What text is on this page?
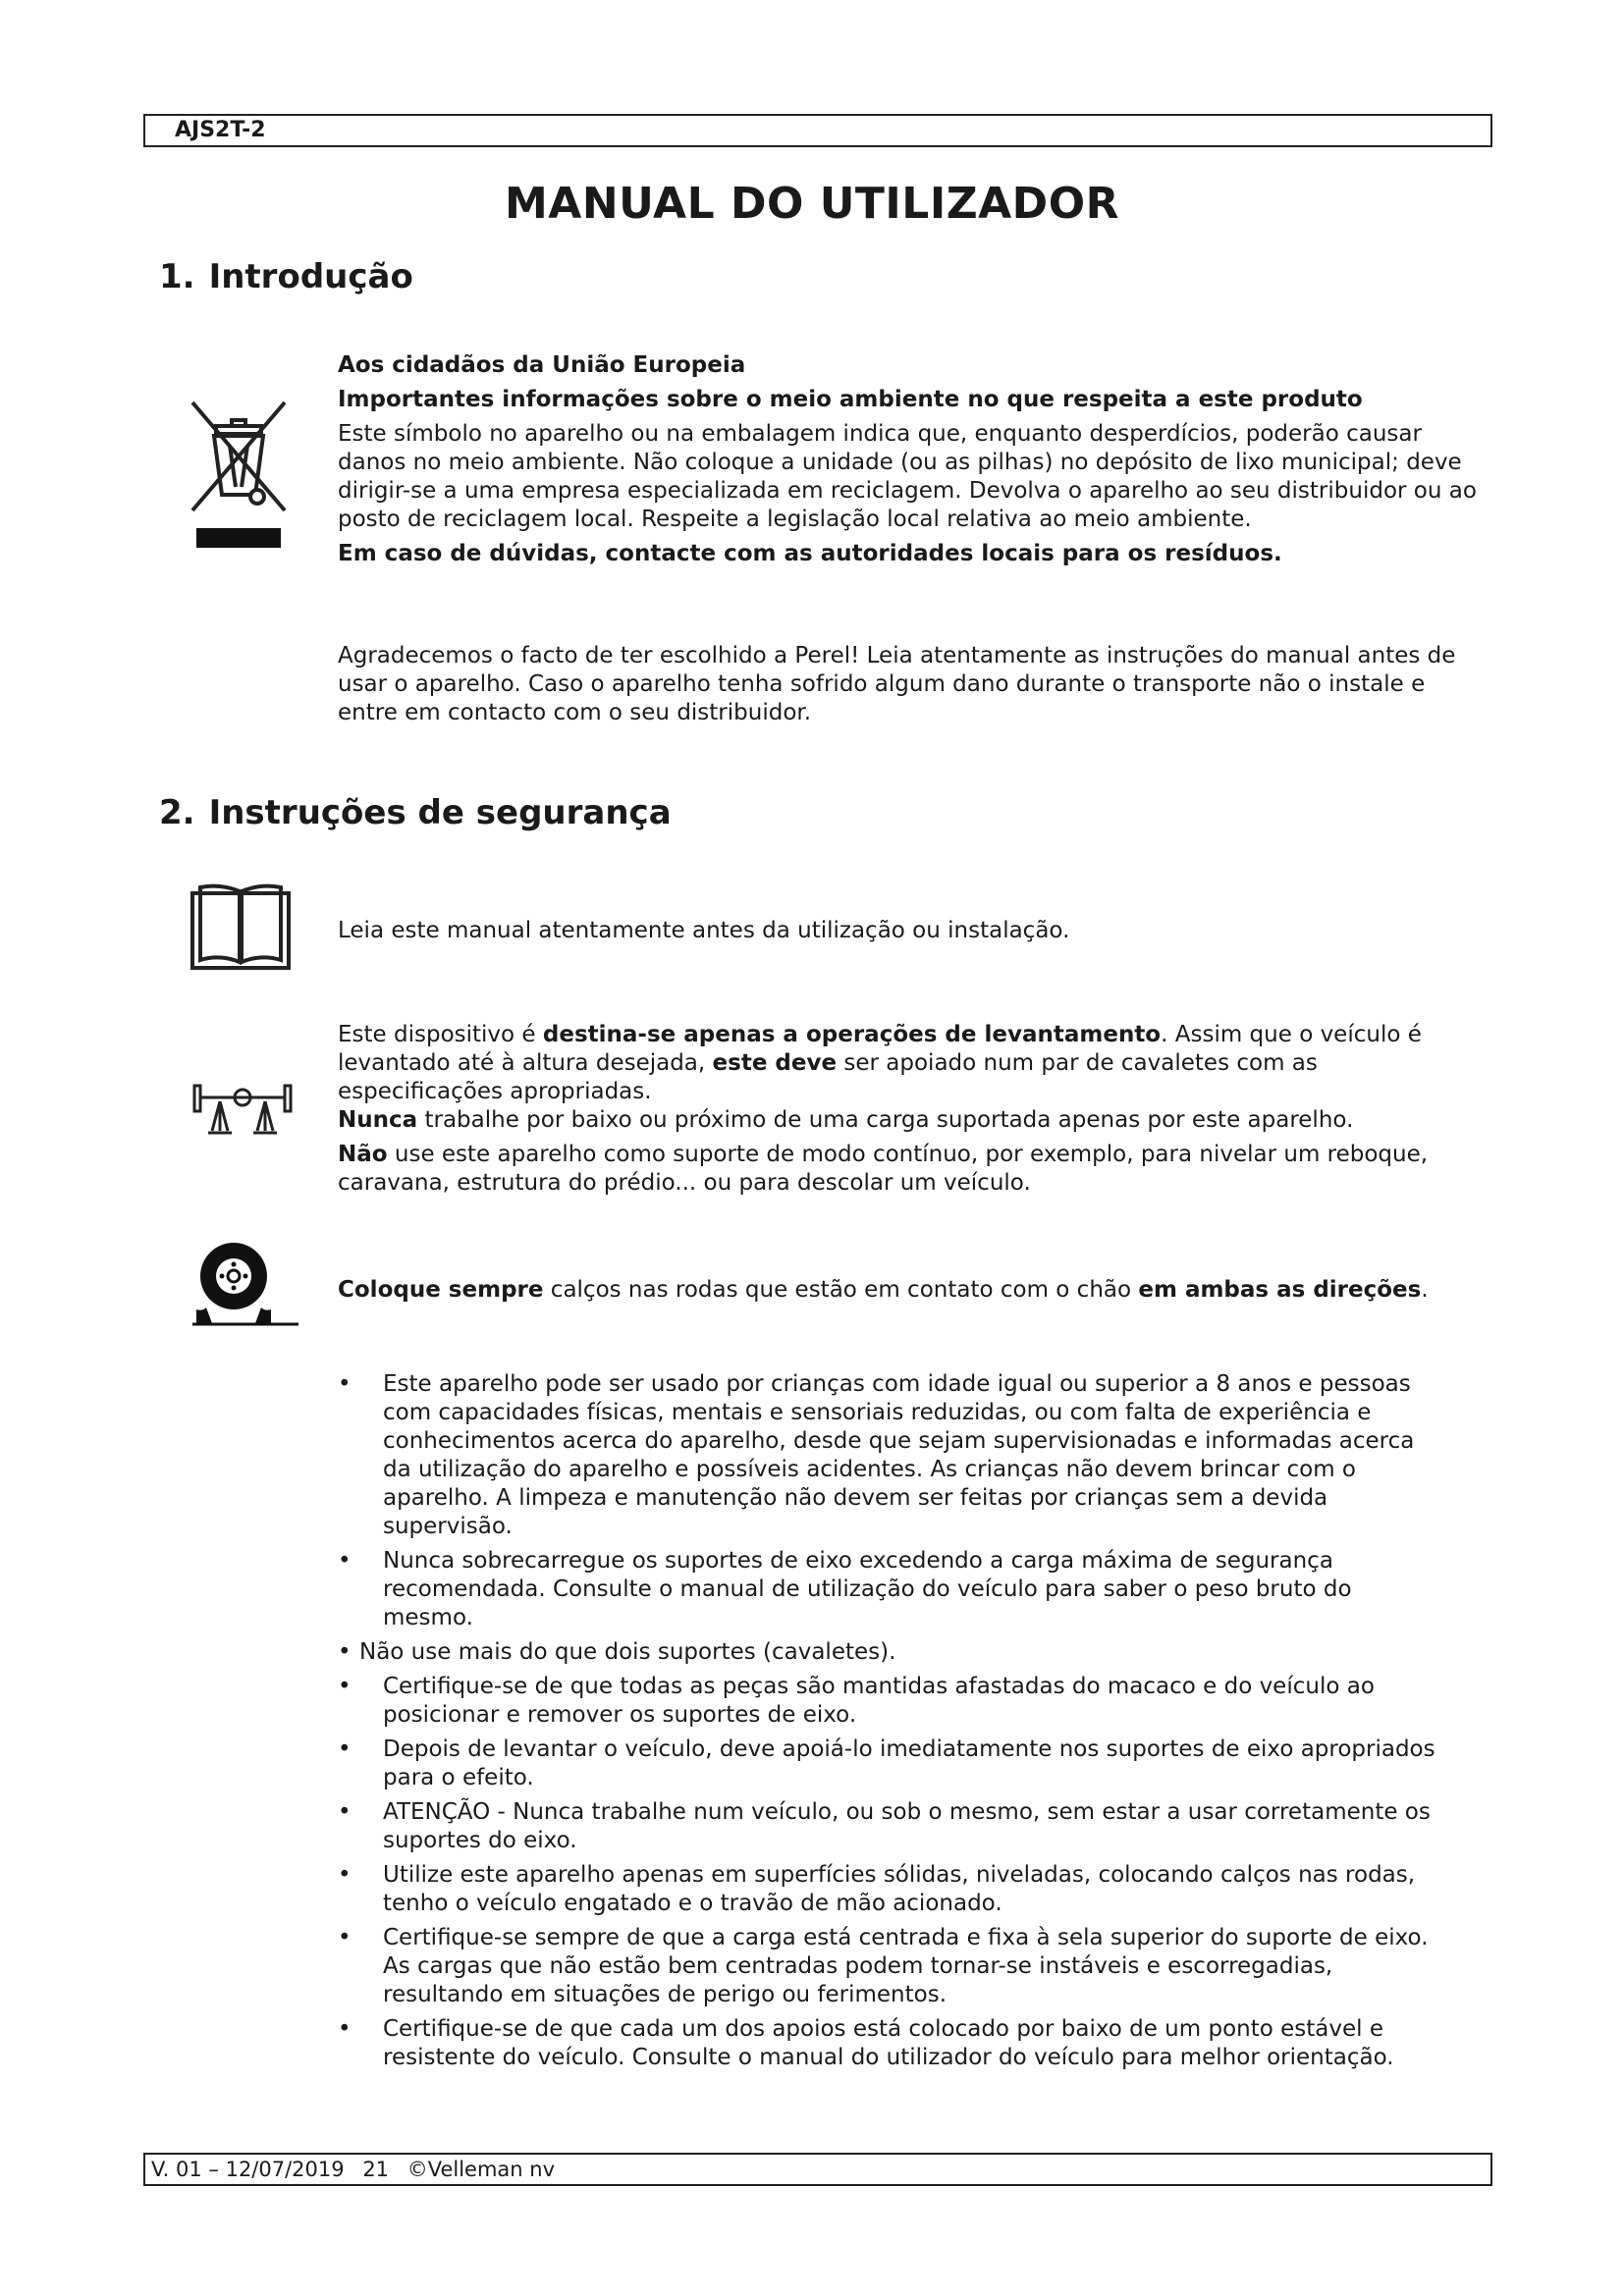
AJS2T-2
MANUAL DO UTILIZADOR
1. Introdução

Aos cidadãos da União Europeia

Importantes informações sobre o meio ambiente no que respeita a este produto

Este símbolo no aparelho ou na embalagem indica que, enquanto desperdícios, poderão causar danos no meio ambiente. Não coloque a unidade (ou as pilhas) no depósito de lixo municipal; deve dirigir-se a uma empresa especializada em reciclagem. Devolva o aparelho ao seu distribuidor ou ao posto de reciclagem local. Respeite a legislação local relativa ao meio ambiente.

Em caso de dúvidas, contacte com as autoridades locais para os resíduos.

Agradecemos o facto de ter escolhido a Perel! Leia atentamente as instruções do manual antes de usar o aparelho. Caso o aparelho tenha sofrido algum dano durante o transporte não o instale e entre em contacto com o seu distribuidor.
2. Instruções de segurança
Leia este manual atentamente antes da utilização ou instalação.

Este dispositivo é destina-se apenas a operações de levantamento. Assim que o veículo é levantado até à altura desejada, este deve ser apoiado num par de cavaletes com as especificações apropriadas.

Nunca trabalhe por baixo ou próximo de uma carga suportada apenas por este aparelho.

Não use este aparelho como suporte de modo contínuo, por exemplo, para nivelar um reboque, caravana, estrutura do prédio... ou para descolar um veículo.

Coloque sempre calços nas rodas que estão em contato com o chão em ambas as direções.
• Este aparelho pode ser usado por crianças com idade igual ou superior a 8 anos e pessoas com capacidades físicas, mentais e sensoriais reduzidas, ou com falta de experiência e conhecimentos acerca do aparelho, desde que sejam supervisionadas e informadas acerca da utilização do aparelho e possíveis acidentes. As crianças não devem brincar com o aparelho. A limpeza e manutenção não devem ser feitas por crianças sem a devida supervisão.
• Nunca sobrecarregue os suportes de eixo excedendo a carga máxima de segurança recomendada. Consulte o manual de utilização do veículo para saber o peso bruto do mesmo.
• Não use mais do que dois suportes (cavaletes).
• Certifique-se de que todas as peças são mantidas afastadas do macaco e do veículo ao posicionar e remover os suportes de eixo.
• Depois de levantar o veículo, deve apoiá-lo imediatamente nos suportes de eixo apropriados para o efeito.
• ATENÇÃO - Nunca trabalhe num veículo, ou sob o mesmo, sem estar a usar corretamente os suportes do eixo.
• Utilize este aparelho apenas em superfícies sólidas, niveladas, colocando calços nas rodas, tenho o veículo engatado e o travão de mão acionado.
• Certifique-se sempre de que a carga está centrada e fixa à sela superior do suporte de eixo. As cargas que não estão bem centradas podem tornar-se instáveis e escorregadias, resultando em situações de perigo ou ferimentos.
• Certifique-se de que cada um dos apoios está colocado por baixo de um ponto estável e resistente do veículo. Consulte o manual do utilizador do veículo para melhor orientação.
V. 01 – 12/07/2019 21 ©Velleman nv
